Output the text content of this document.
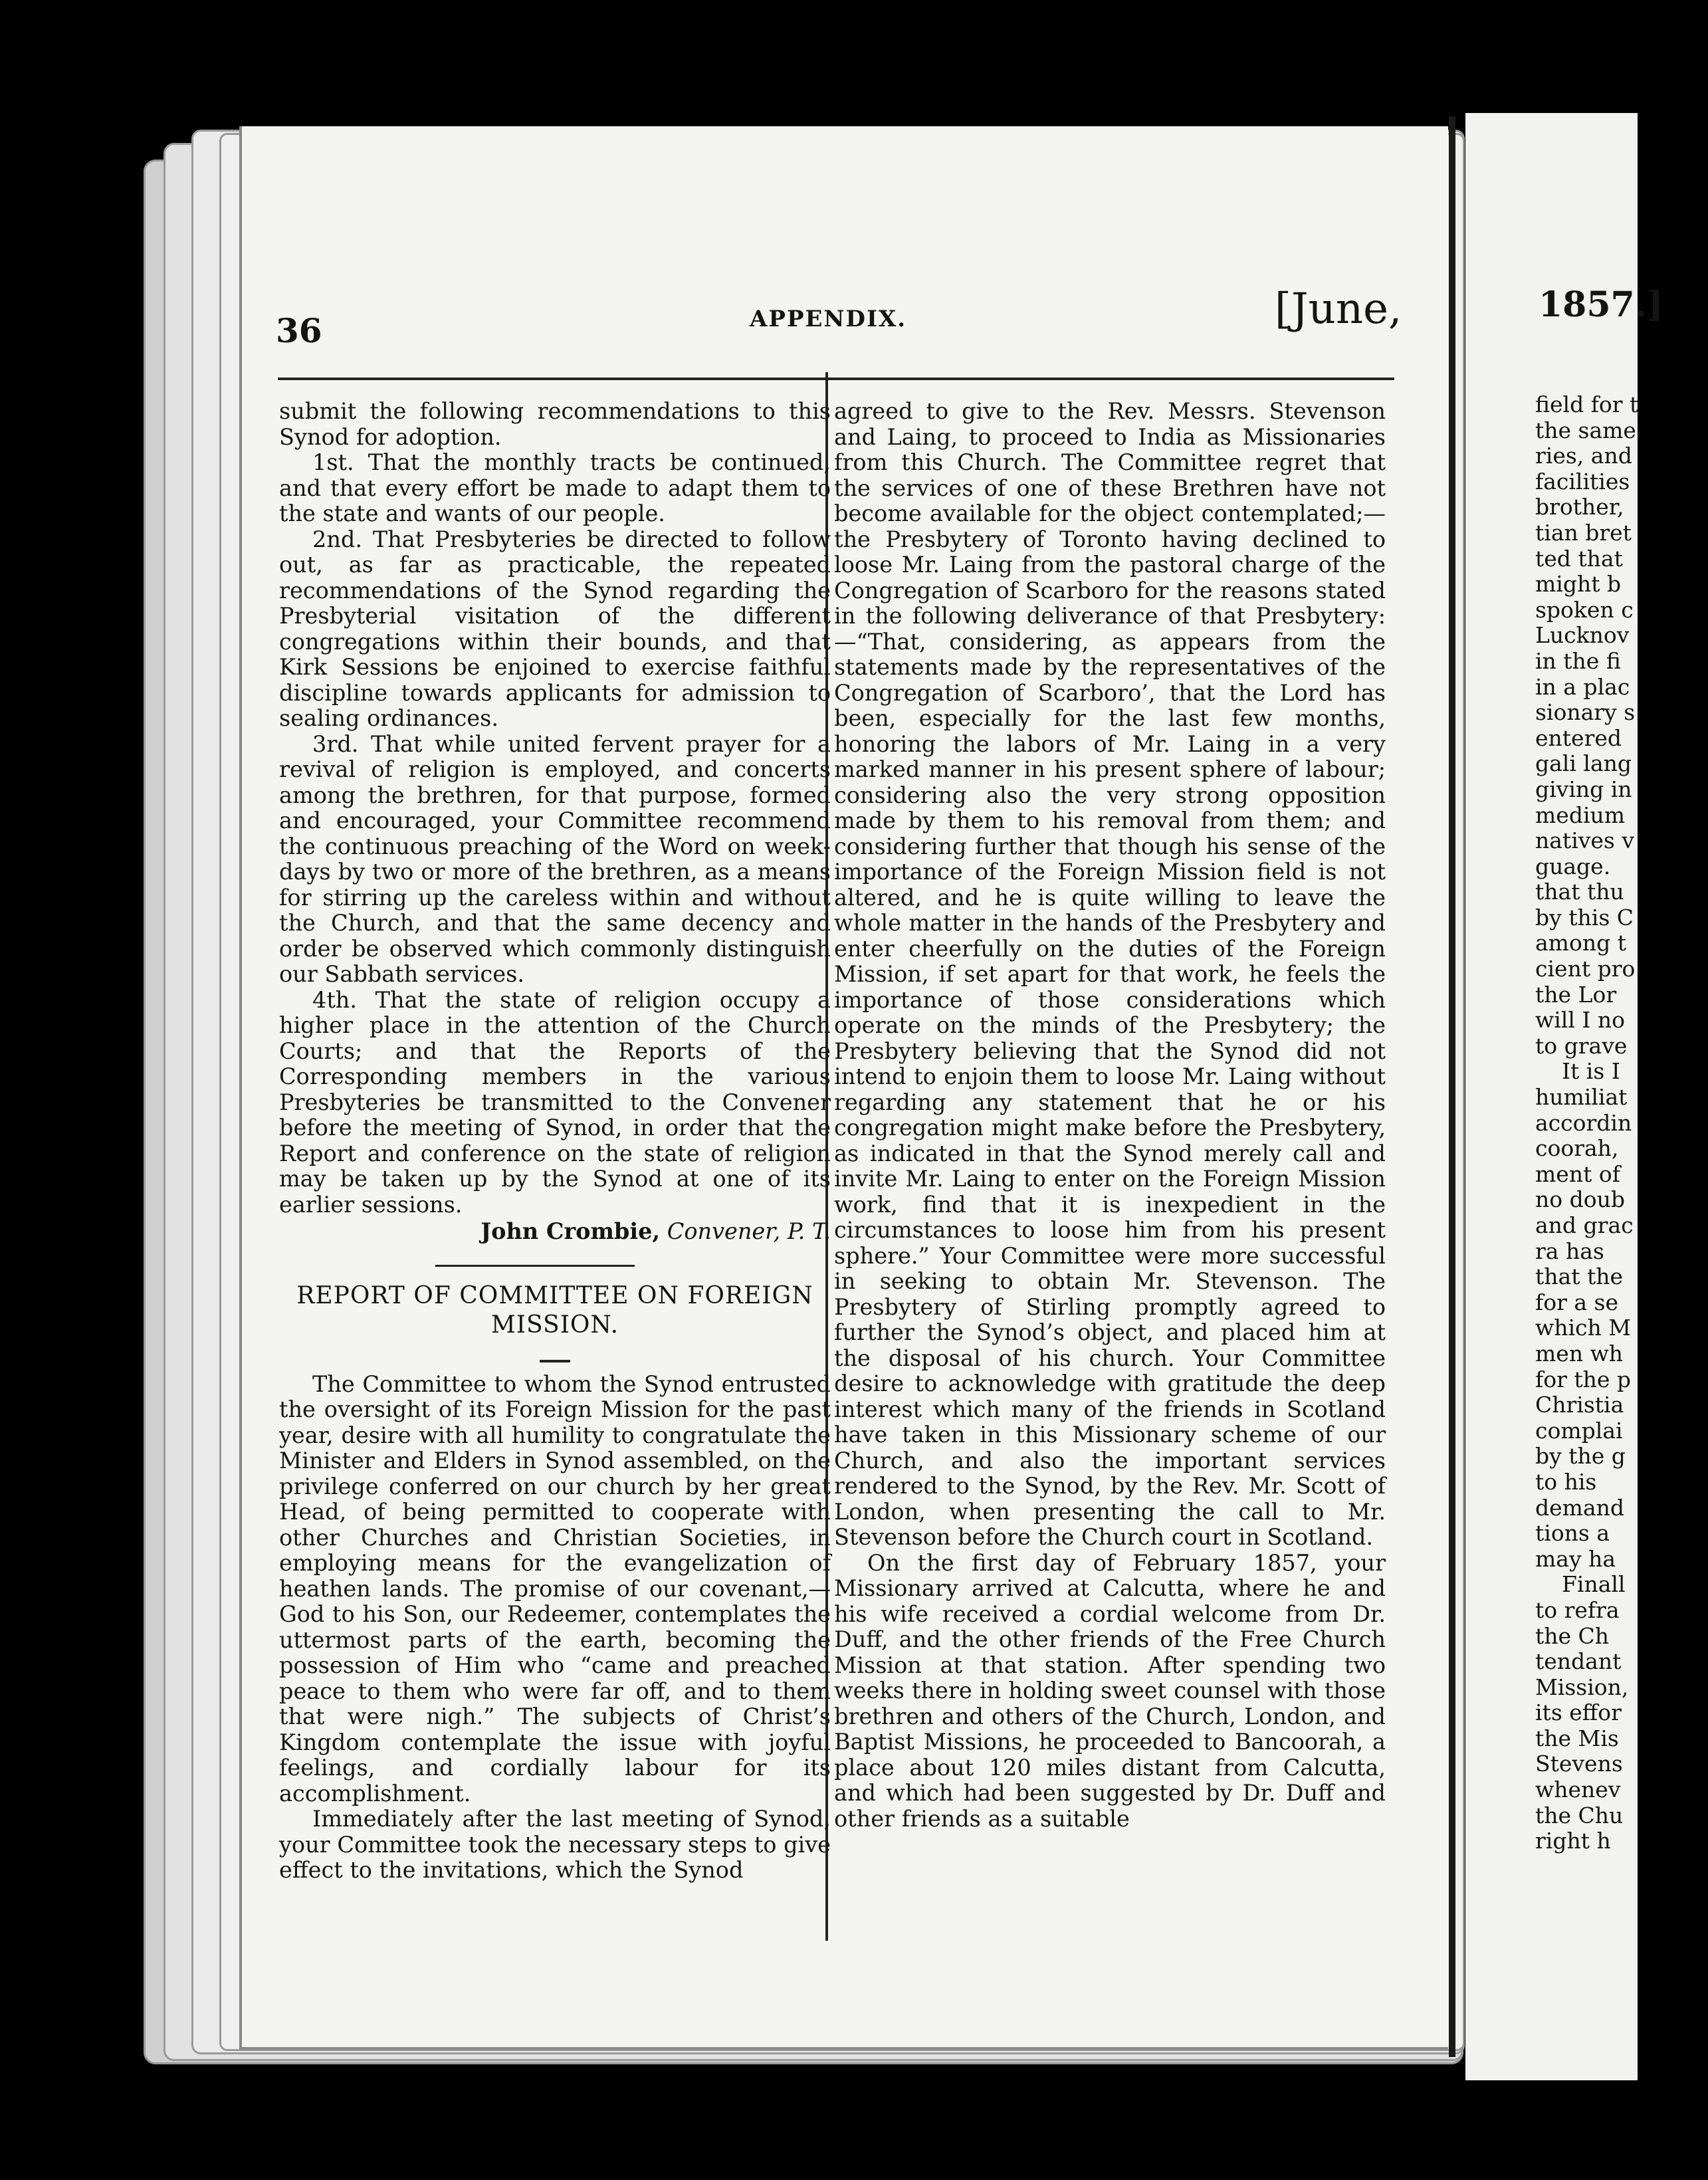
36	APPENDIX.	[June,	1857.]

submit the following recommendations to this Synod for adoption.

1st. That the monthly tracts be continued, and that every effort be made to adapt them to the state and wants of our people.

2nd. That Presbyteries be directed to follow out, as far as practicable, the repeated recommendations of the Synod regarding the Presbyterial visitation of the different congregations within their bounds, and that Kirk Sessions be enjoined to exercise faithful discipline towards applicants for admission to sealing ordinances.

3rd. That while united fervent prayer for a revival of religion is employed, and concerts among the brethren, for that purpose, formed and encouraged, your Committee recommend the continuous preaching of the Word on week-days by two or more of the brethren, as a means for stirring up the careless within and without the Church, and that the same decency and order be observed which commonly distinguish our Sabbath services.

4th. That the state of religion occupy a higher place in the attention of the Church Courts; and that the Reports of the Corresponding members in the various Presbyteries be transmitted to the Convener before the meeting of Synod, in order that the Report and conference on the state of religion may be taken up by the Synod at one of its earlier sessions.

John Crombie, Convener, P. T.

REPORT OF COMMITTEE ON FOREIGN
MISSION.

The Committee to whom the Synod entrusted the oversight of its Foreign Mission for the past year, desire with all humility to congratulate the Minister and Elders in Synod assembled, on the privilege conferred on our church by her great Head, of being permitted to cooperate with other Churches and Christian Societies, in employing means for the evangelization of heathen lands. The promise of our covenant,—God to his Son, our Redeemer, contemplates the uttermost parts of the earth, becoming the possession of Him who “came and preached peace to them who were far off, and to them that were nigh.” The subjects of Christ’s Kingdom contemplate the issue with joyful feelings, and cordially labour for its accomplishment.

Immediately after the last meeting of Synod, your Committee took the necessary steps to give effect to the invitations, which the Synod

agreed to give to the Rev. Messrs. Stevenson and Laing, to proceed to India as Missionaries from this Church. The Committee regret that the services of one of these Brethren have not become available for the object contemplated;—the Presbytery of Toronto having declined to loose Mr. Laing from the pastoral charge of the Congregation of Scarboro for the reasons stated in the following deliverance of that Presbytery:—“That, considering, as appears from the statements made by the representatives of the Congregation of Scarboro’, that the Lord has been, especially for the last few months, honoring the labors of Mr. Laing in a very marked manner in his present sphere of labour; considering also the very strong opposition made by them to his removal from them; and considering further that though his sense of the importance of the Foreign Mission field is not altered, and he is quite willing to leave the whole matter in the hands of the Presbytery and enter cheerfully on the duties of the Foreign Mission, if set apart for that work, he feels the importance of those considerations which operate on the minds of the Presbytery; the Presbytery believing that the Synod did not intend to enjoin them to loose Mr. Laing without regarding any statement that he or his congregation might make before the Presbytery, as indicated in that the Synod merely call and invite Mr. Laing to enter on the Foreign Mission work, find that it is inexpedient in the circumstances to loose him from his present sphere.” Your Committee were more successful in seeking to obtain Mr. Stevenson. The Presbytery of Stirling promptly agreed to further the Synod’s object, and placed him at the disposal of his church. Your Committee desire to acknowledge with gratitude the deep interest which many of the friends in Scotland have taken in this Missionary scheme of our Church, and also the important services rendered to the Synod, by the Rev. Mr. Scott of London, when presenting the call to Mr. Stevenson before the Church court in Scotland.

On the first day of February 1857, your Missionary arrived at Calcutta, where he and his wife received a cordial welcome from Dr. Duff, and the other friends of the Free Church Mission at that station. After spending two weeks there in holding sweet counsel with those brethren and others of the Church, London, and Baptist Missions, he proceeded to Bancoorah, a place about 120 miles distant from Calcutta, and which had been suggested by Dr. Duff and other friends as a suitable

field for t
the same
ries, and
facilities
brother,
tian bret
ted that
might b
spoken c
Lucknov
in the fi
in a plac
sionary s
entered
gali lang
giving in
medium
natives v
guage.
that thu
by this C
among t
cient pro
the Lor
will I no
to grave
It is I
humiliat
accordin
coorah,
ment of
no doub
and grac
ra has
that the
for a se
which M
men wh
for the p
Christia
complai
by the g
to his
demand
tions a
may ha
Finall
to refra
the Ch
tendant
Mission,
its effor
the Mis
Stevens
whenev
the Chu
right h
